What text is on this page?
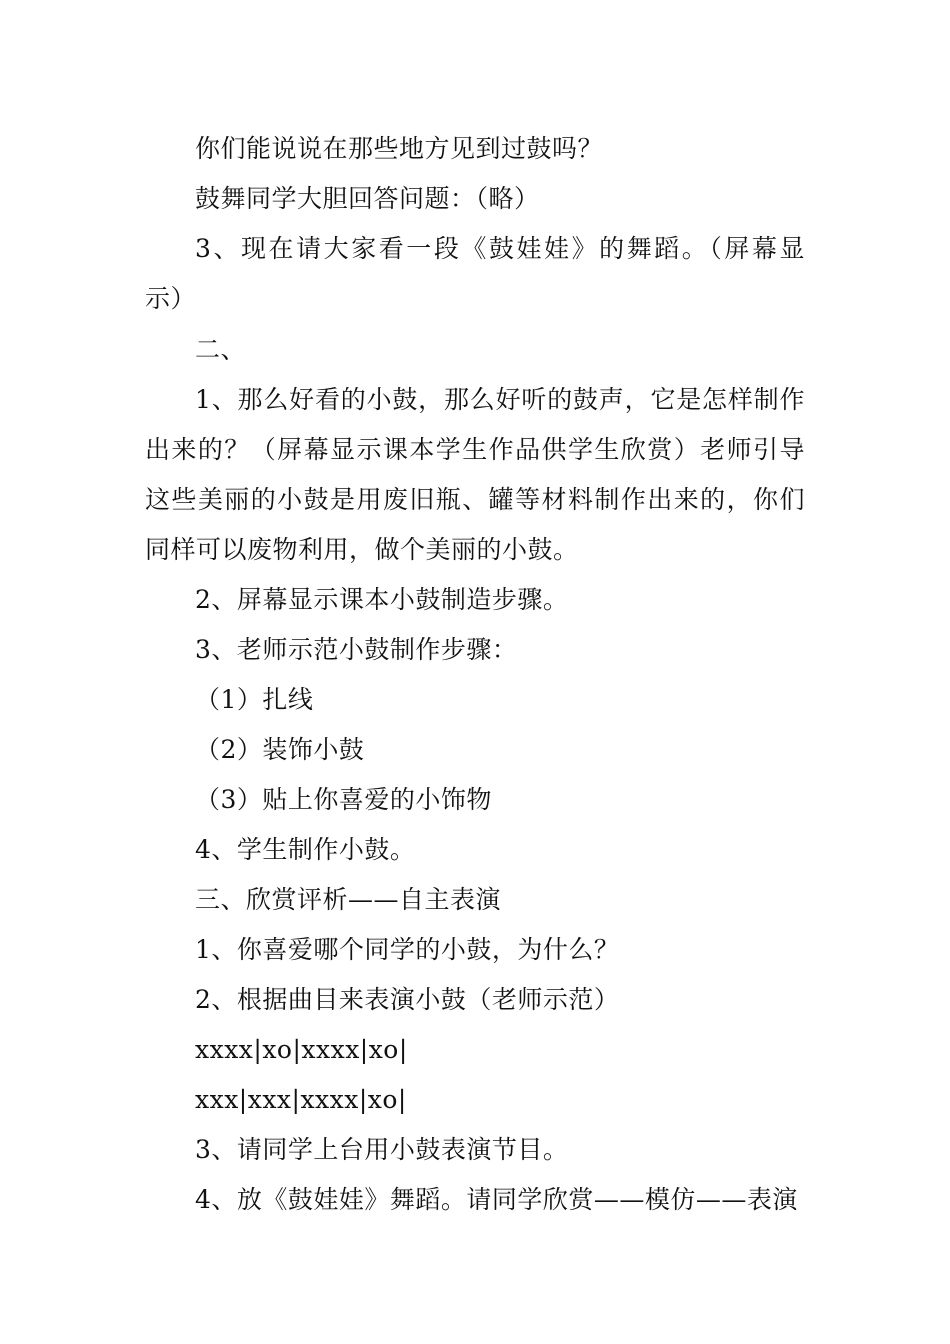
你们能说说在那些地方见到过鼓吗？
鼓舞同学大胆回答问题：（略）
3、现在请大家看一段《鼓娃娃》的舞蹈。（屏幕显
示）
二、
1、那么好看的小鼓，那么好听的鼓声，它是怎样制作
出来的？（屏幕显示课本学生作品供学生欣赏）老师引导
这些美丽的小鼓是用废旧瓶、罐等材料制作出来的，你们
同样可以废物利用，做个美丽的小鼓。
2、屏幕显示课本小鼓制造步骤。
3、老师示范小鼓制作步骤：
（1）扎线
（2）装饰小鼓
（3）贴上你喜爱的小饰物
4、学生制作小鼓。
三、欣赏评析——自主表演
1、你喜爱哪个同学的小鼓，为什么？
2、根据曲目来表演小鼓（老师示范）
xxxx|xo|xxxx|xo|
xxx|xxx|xxxx|xo|
3、请同学上台用小鼓表演节目。
4、放《鼓娃娃》舞蹈。请同学欣赏——模仿——表演
